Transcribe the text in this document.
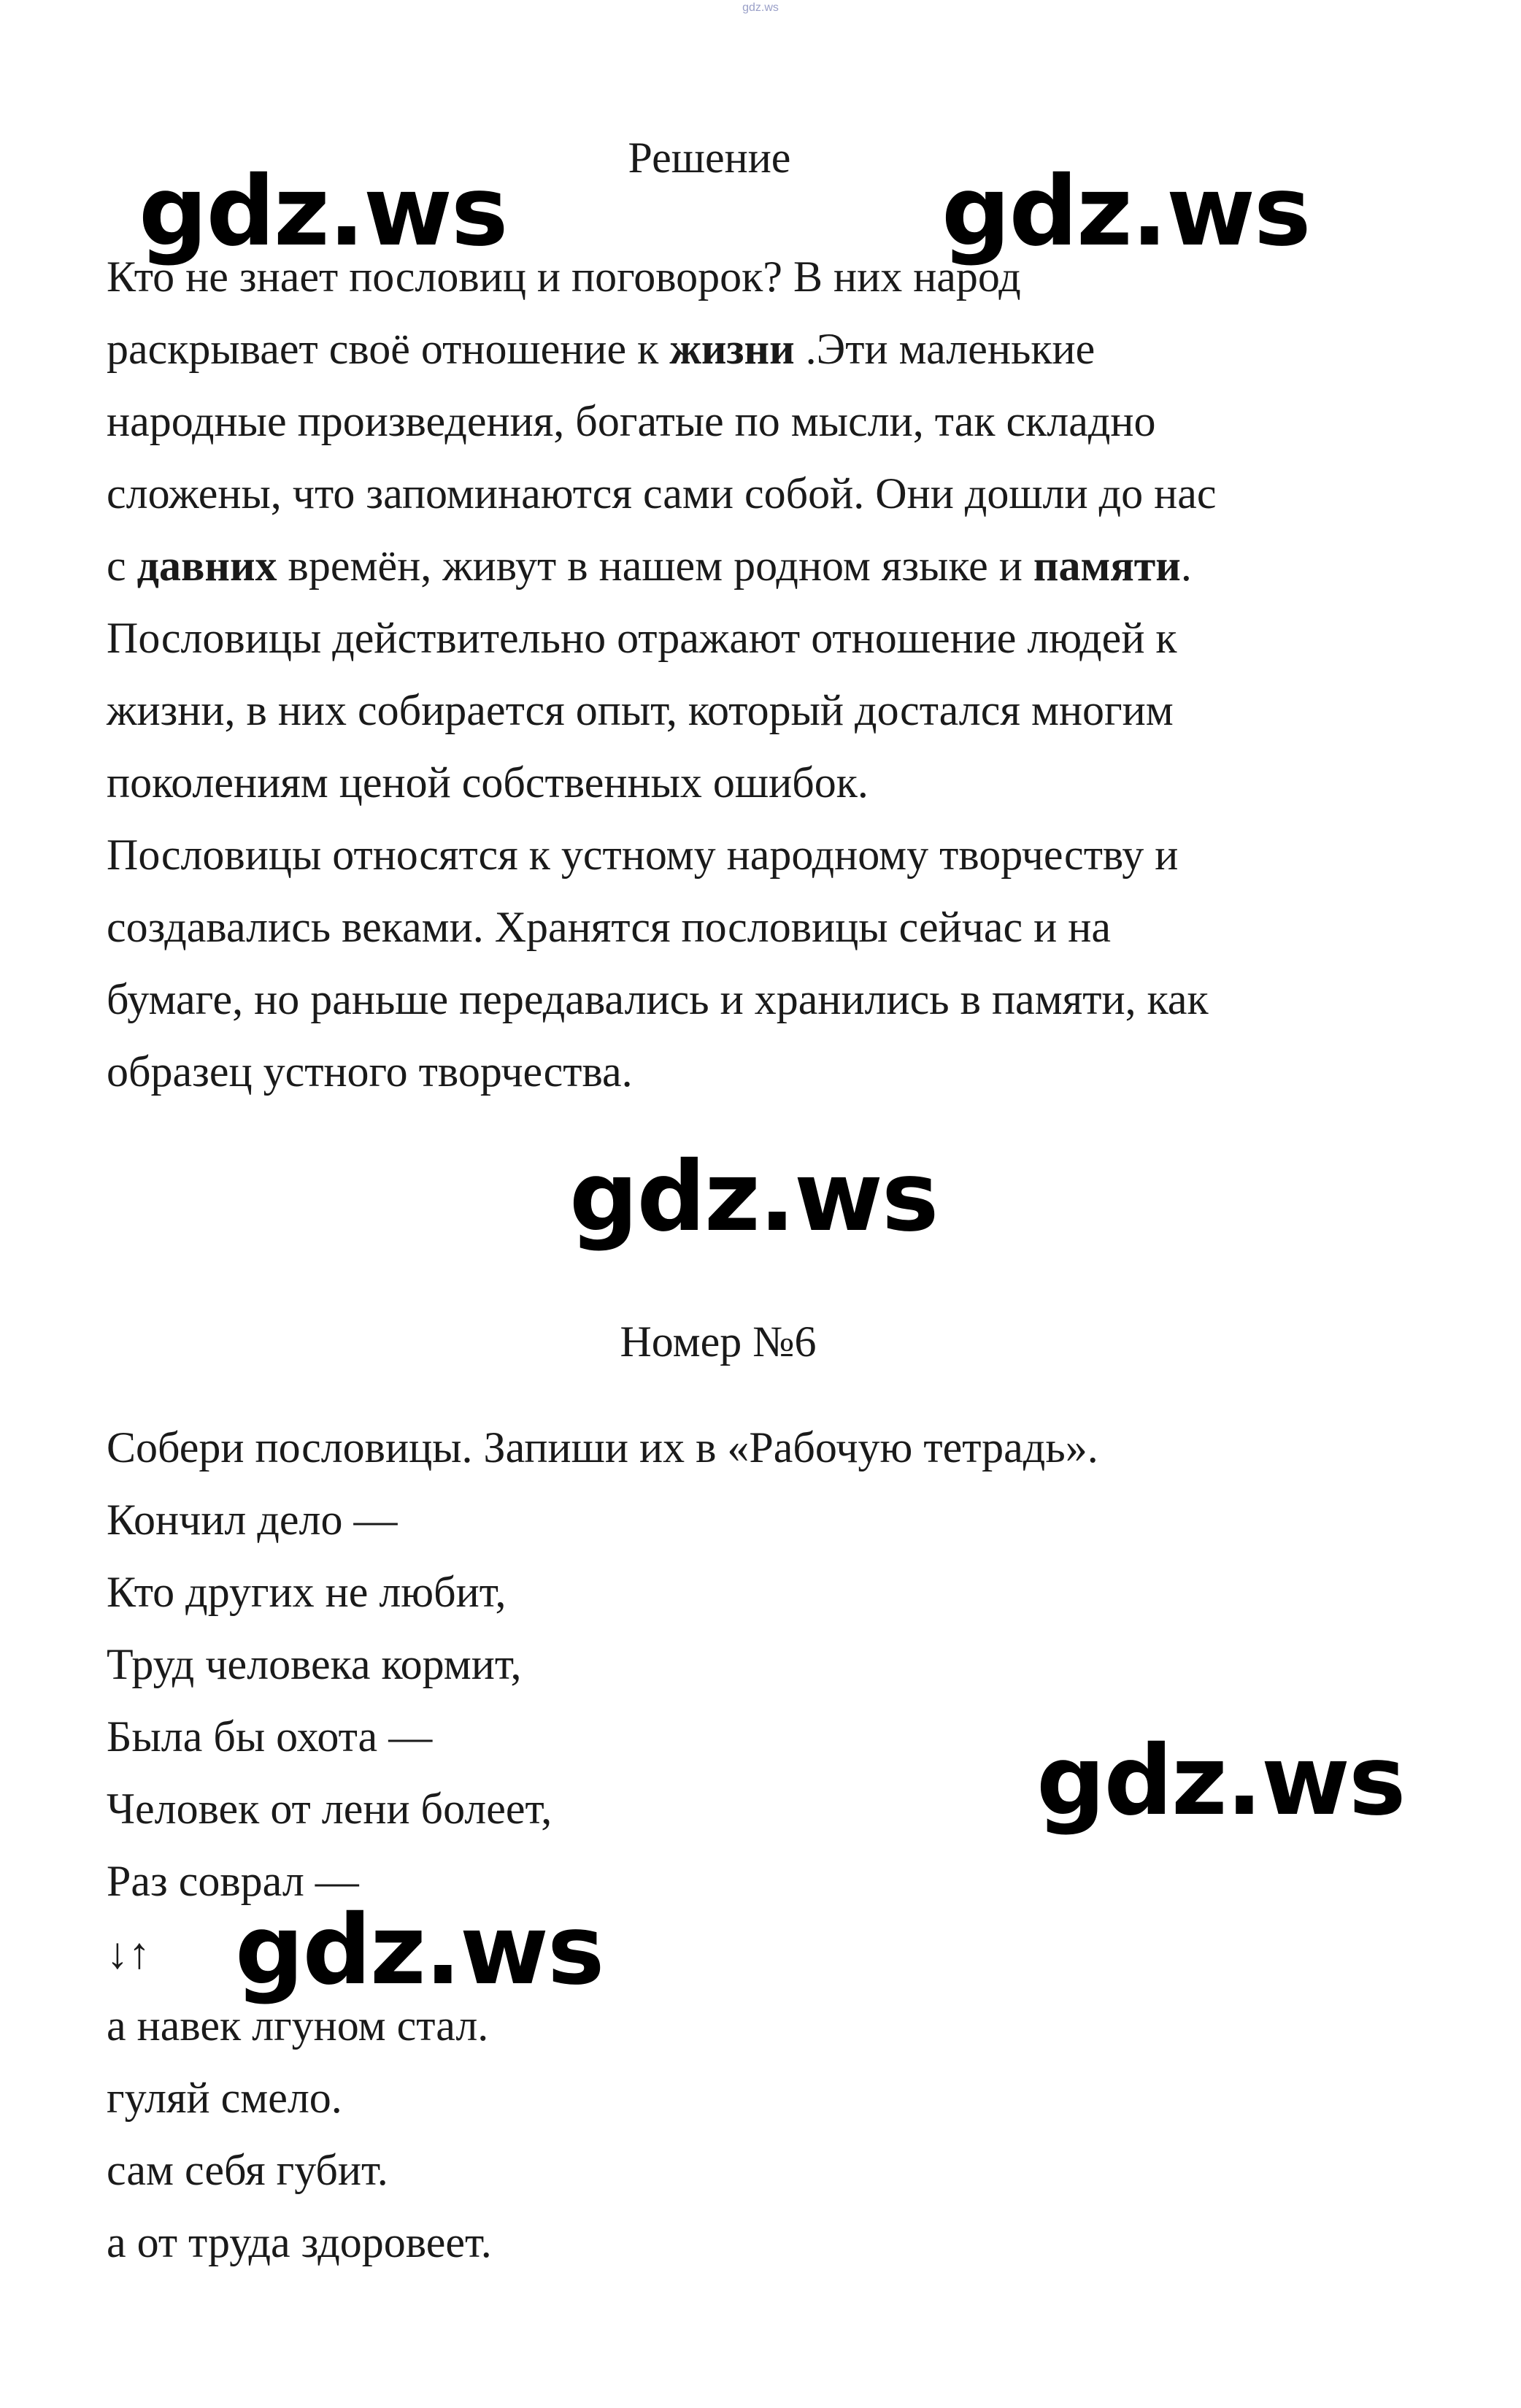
gdz.ws
Решение
Кто не знает пословиц и поговорок? В них народ
раскрывает своё отношение к жизни .Эти маленькие
народные произведения, богатые по мысли, так складно
сложены, что запоминаются сами собой. Они дошли до нас
с давних времён, живут в нашем родном языке и памяти.
Пословицы действительно отражают отношение людей к
жизни, в них собирается опыт, который достался многим
поколениям ценой собственных ошибок.
Пословицы относятся к устному народному творчеству и
создавались веками. Хранятся пословицы сейчас и на
бумаге, но раньше передавались и хранились в памяти, как
образец устного творчества.
Номер №6
Собери пословицы. Запиши их в «Рабочую тетрадь».
Кончил дело —
Кто других не любит,
Труд человека кормит,
Была бы охота —
Человек от лени болеет,
Раз соврал —
↓↑
а навек лгуном стал.
гуляй смело.
сам себя губит.
а от труда здоровеет.
gdz.ws	gdz.ws
gdz.ws
gdz.ws
gdz.ws
